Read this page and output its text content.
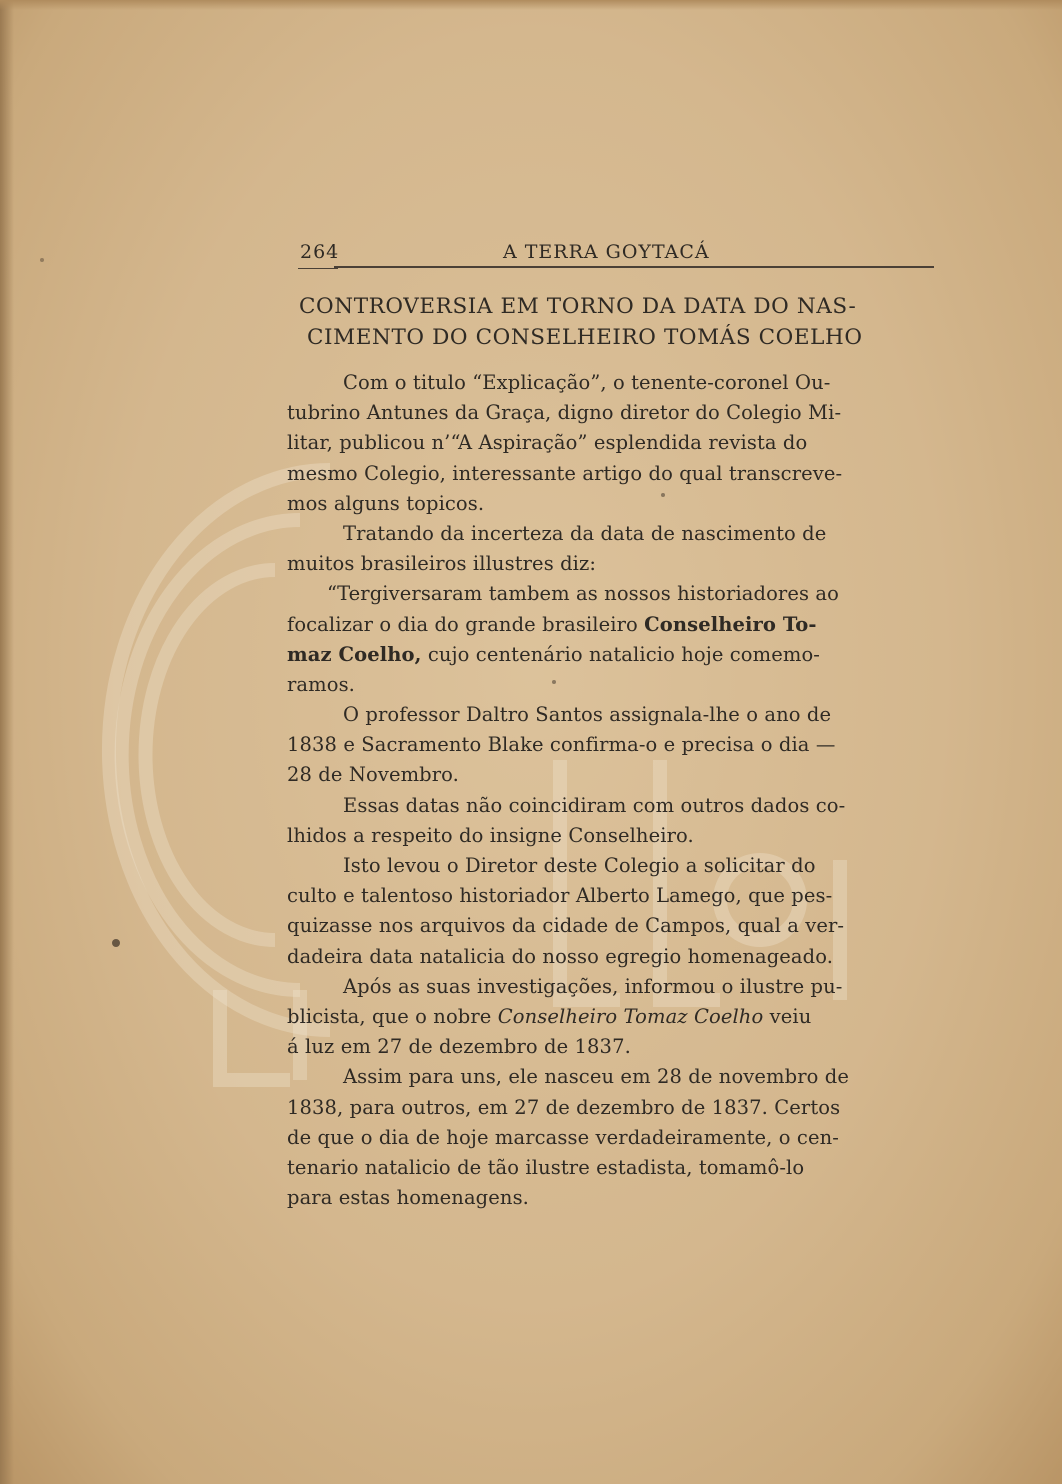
264	A TERRA GOYTACÁ
CONTROVERSIA EM TORNO DA DATA DO NAS-
CIMENTO DO CONSELHEIRO TOMÁS COELHO
Com o titulo “Explicação”, o tenente-coronel Ou-
tubrino Antunes da Graça, digno diretor do Colegio Mi-
litar, publicou n’“A Aspiração” esplendida revista do
mesmo Colegio, interessante artigo do qual transcreve-
mos alguns topicos.
Tratando da incerteza da data de nascimento de
muitos brasileiros illustres diz:
“Tergiversaram tambem as nossos historiadores ao
focalizar o dia do grande brasileiro Conselheiro To-
maz Coelho, cujo centenário natalicio hoje comemo-
ramos.
O professor Daltro Santos assignala-lhe o ano de
1838 e Sacramento Blake confirma-o e precisa o dia —
28 de Novembro.
Essas datas não coincidiram com outros dados co-
lhidos a respeito do insigne Conselheiro.
Isto levou o Diretor deste Colegio a solicitar do
culto e talentoso historiador Alberto Lamego, que pes-
quizasse nos arquivos da cidade de Campos, qual a ver-
dadeira data natalicia do nosso egregio homenageado.
Após as suas investigações, informou o ilustre pu-
blicista, que o nobre Conselheiro Tomaz Coelho veiu
á luz em 27 de dezembro de 1837.
Assim para uns, ele nasceu em 28 de novembro de
1838, para outros, em 27 de dezembro de 1837. Certos
de que o dia de hoje marcasse verdadeiramente, o cen-
tenario natalicio de tão ilustre estadista, tomamô-lo
para estas homenagens.
